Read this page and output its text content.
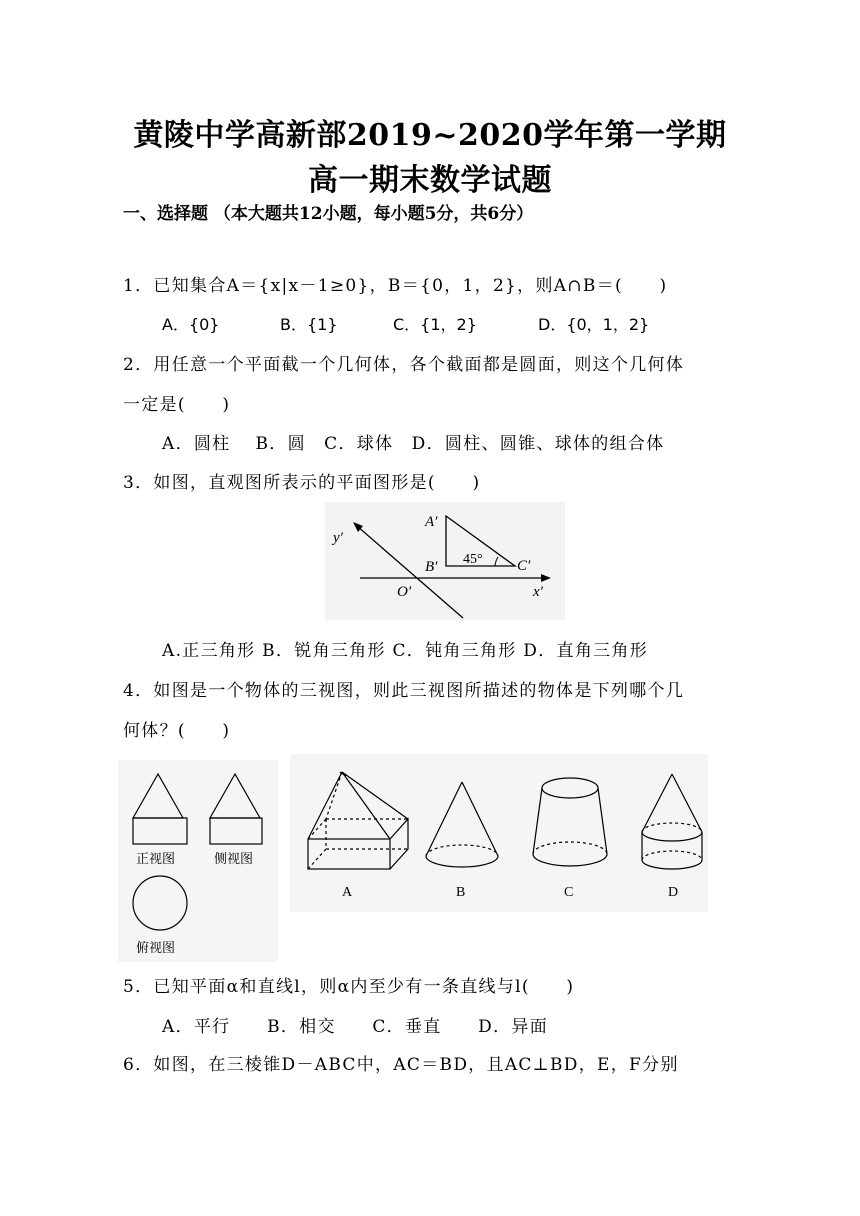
黄陵中学高新部2019~2020学年第一学期
高一期末数学试题
一、选择题 （本大题共12小题，每小题5分，共6分）
1．已知集合A＝{x|x－1≥0}，B＝{0，1，2}，则A∩B＝(　　)
A．{0}	B．{1}	C．{1，2}	D．{0，1，2}
2．用任意一个平面截一个几何体，各个截面都是圆面，则这个几何体
一定是(　　)
A．圆柱　 B．圆　C．球体　D．圆柱、圆锥、球体的组合体
3．如图，直观图所表示的平面图形是(　　)
A′
B′	C′
45°
y′
x′
O′
A.正三角形 B．锐角三角形 C．钝角三角形 D．直角三角形
4．如图是一个物体的三视图，则此三视图所描述的物体是下列哪个几
何体？(　　)
正视图	侧视图
俯视图
A	B	C	D
5．已知平面α和直线l，则α内至少有一条直线与l(　　)
A．平行　　B．相交　　C．垂直　　D．异面
6．如图，在三棱锥D－ABC中，AC＝BD，且AC⊥BD，E，F分别
